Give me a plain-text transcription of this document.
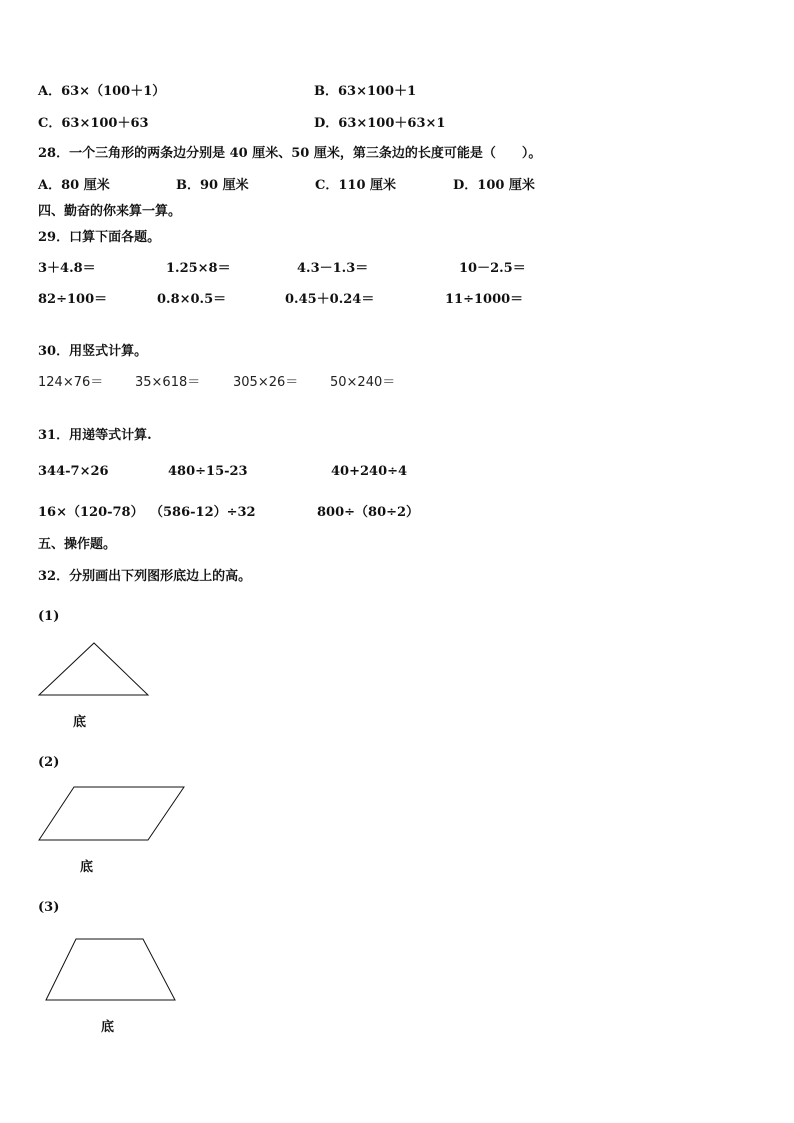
A．63×（100＋1）	B．63×100＋1
C．63×100＋63	D．63×100＋63×1
28．一个三角形的两条边分别是 40 厘米、50 厘米，第三条边的长度可能是（　　）。
A．80 厘米	B．90 厘米	C．110 厘米	D．100 厘米
四、勤奋的你来算一算。
29．口算下面各题。
3＋4.8＝	1.25×8＝	4.3－1.3＝	10－2.5＝
82÷100＝	0.8×0.5＝	0.45＋0.24＝	11÷1000＝
30．用竖式计算。
124×76＝ 35×618＝	305×26＝ 50×240＝
31．用递等式计算.
344-7×26	480÷15-23	40+240÷4
16×（120-78） （586-12）÷32	800÷（80÷2）
五、操作题。
32．分别画出下列图形底边上的高。
(1)
底
(2)
底
(3)
底
